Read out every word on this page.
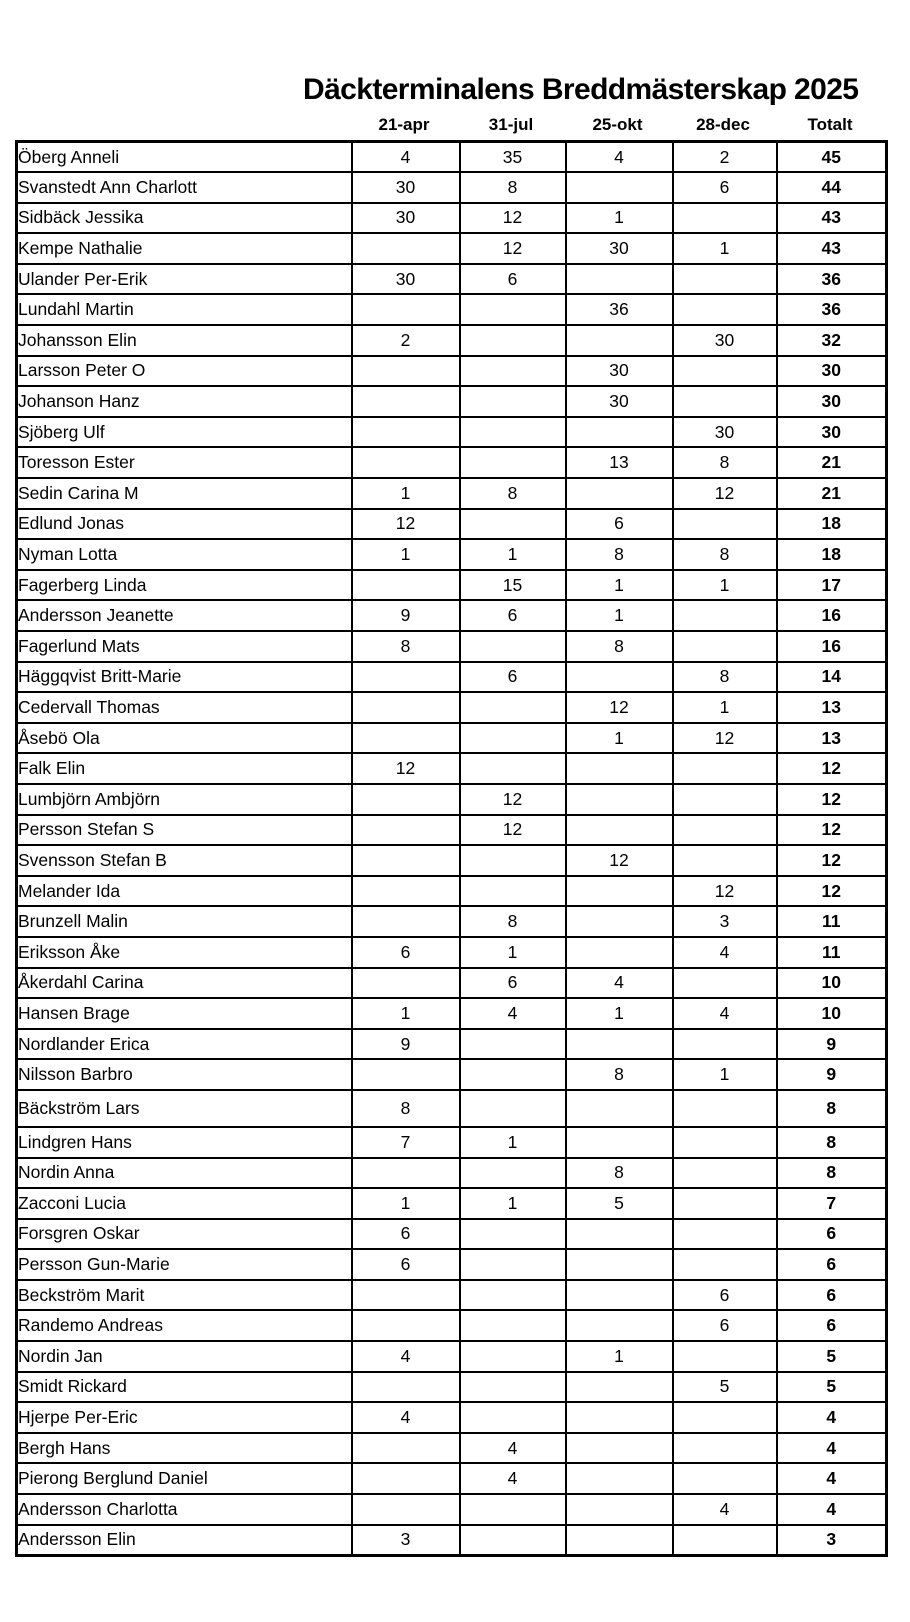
Däckterminalens Breddmästerskap 2025
21-apr	31-jul	25-okt	28-dec	Totalt
Öberg Anneli	4	35	4	2	45
Svanstedt Ann Charlott	30	8		6	44
Sidbäck Jessika	30	12	1		43
Kempe Nathalie		12	30	1	43
Ulander Per-Erik	30	6			36
Lundahl Martin			36		36
Johansson Elin	2			30	32
Larsson Peter O			30		30
Johanson Hanz			30		30
Sjöberg Ulf				30	30
Toresson Ester			13	8	21
Sedin Carina M	1	8		12	21
Edlund Jonas	12		6		18
Nyman Lotta	1	1	8	8	18
Fagerberg Linda		15	1	1	17
Andersson Jeanette	9	6	1		16
Fagerlund Mats	8		8		16
Häggqvist Britt-Marie		6		8	14
Cedervall Thomas			12	1	13
Åsebö Ola			1	12	13
Falk Elin	12				12
Lumbjörn Ambjörn		12			12
Persson Stefan S		12			12
Svensson Stefan B			12		12
Melander Ida				12	12
Brunzell Malin		8		3	11
Eriksson Åke	6	1		4	11
Åkerdahl Carina		6	4		10
Hansen Brage	1	4	1	4	10
Nordlander Erica	9				9
Nilsson Barbro			8	1	9
Bäckström Lars	8				8
Lindgren Hans	7	1			8
Nordin Anna			8		8
Zacconi Lucia	1	1	5		7
Forsgren Oskar	6				6
Persson Gun-Marie	6				6
Beckström Marit				6	6
Randemo Andreas				6	6
Nordin Jan	4		1		5
Smidt Rickard				5	5
Hjerpe Per-Eric	4				4
Bergh Hans		4			4
Pierong Berglund Daniel		4			4
Andersson Charlotta				4	4
Andersson Elin	3				3
